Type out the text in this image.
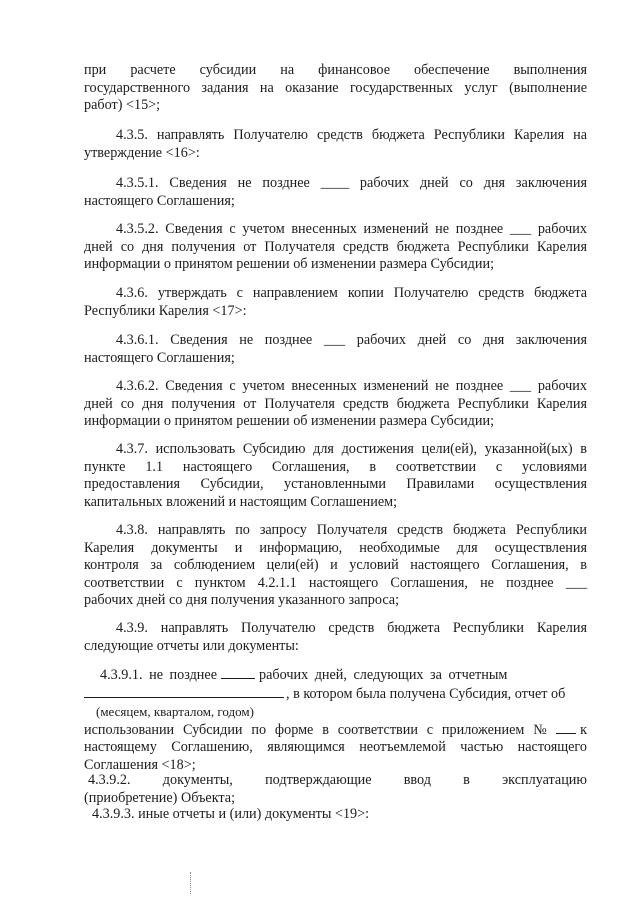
при расчете субсидии на финансовое обеспечение выполнения
государственного задания на оказание государственных услуг (выполнение
работ) <15>;

4.3.5. направлять Получателю средств бюджета Республики Карелия на
утверждение <16>:

4.3.5.1. Сведения не позднее ____ рабочих дней со дня заключения
настоящего Соглашения;

4.3.5.2. Сведения с учетом внесенных изменений не позднее ___ рабочих
дней со дня получения от Получателя средств бюджета Республики Карелия
информации о принятом решении об изменении размера Субсидии;

4.3.6. утверждать с направлением копии Получателю средств бюджета
Республики Карелия <17>:

4.3.6.1. Сведения не позднее ___ рабочих дней со дня заключения
настоящего Соглашения;

4.3.6.2. Сведения с учетом внесенных изменений не позднее ___ рабочих
дней со дня получения от Получателя средств бюджета Республики Карелия
информации о принятом решении об изменении размера Субсидии;

4.3.7. использовать Субсидию для достижения цели(ей), указанной(ых) в
пункте 1.1 настоящего Соглашения, в соответствии с условиями
предоставления Субсидии, установленными Правилами осуществления
капитальных вложений и настоящим Соглашением;

4.3.8. направлять по запросу Получателя средств бюджета Республики
Карелия документы и информацию, необходимые для осуществления
контроля за соблюдением цели(ей) и условий настоящего Соглашения, в
соответствии с пунктом 4.2.1.1 настоящего Соглашения, не позднее ___
рабочих дней со дня получения указанного запроса;

4.3.9. направлять Получателю средств бюджета Республики Карелия
следующие отчеты или документы:

4.3.9.1. не позднее	рабочих дней, следующих за отчетным
, в котором была получена Субсидия, отчет об
(месяцем, кварталом, годом)
использовании Субсидии по форме в соответствии с приложением № к
настоящему Соглашению, являющимся неотъемлемой частью настоящего
Соглашения <18>;

4.3.9.2. документы, подтверждающие ввод в эксплуатацию
(приобретение) Объекта;

4.3.9.3. иные отчеты и (или) документы <19>:
